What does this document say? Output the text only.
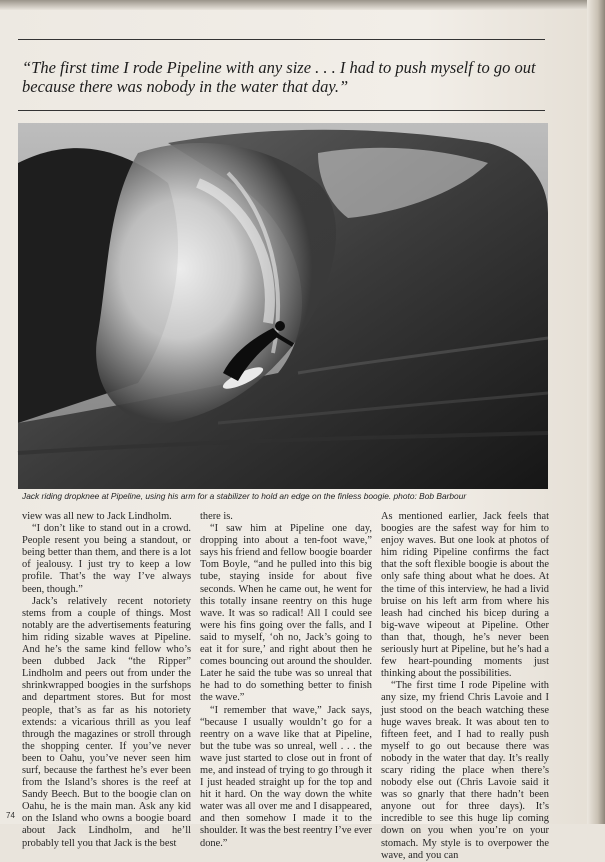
“The first time I rode Pipeline with any size . . . I had to push myself to go out because there was nobody in the water that day.”
Jack riding dropknee at Pipeline, using his arm for a stabilizer to hold an edge on the finless boogie. photo: Bob Barbour

view was all new to Jack Lindholm.

“I don’t like to stand out in a crowd. People resent you being a standout, or being better than them, and there is a lot of jealousy. I just try to keep a low profile. That’s the way I’ve always been, though.”

Jack’s relatively recent notoriety stems from a couple of things. Most notably are the advertisements featuring him riding sizable waves at Pipeline. And he’s the same kind fellow who’s been dubbed Jack “the Ripper” Lindholm and peers out from under the shrinkwrapped boogies in the surfshops and department stores. But for most people, that’s as far as his notoriety extends: a vicarious thrill as you leaf through the magazines or stroll through the shopping center. If you’ve never been to Oahu, you’ve never seen him surf, because the farthest he’s ever been from the Island’s shores is the reef at Sandy Beech. But to the boogie clan on Oahu, he is the main man. Ask any kid on the Island who owns a boogie board about Jack Lindholm, and he’ll probably tell you that Jack is the best

there is.

“I saw him at Pipeline one day, dropping into about a ten-foot wave,” says his friend and fellow boogie boarder Tom Boyle, “and he pulled into this big tube, staying inside for about five seconds. When he came out, he went for this totally insane reentry on this huge wave. It was so radical! All I could see were his fins going over the falls, and I said to myself, ‘oh no, Jack’s going to eat it for sure,’ and right about then he comes bouncing out around the shoulder. Later he said the tube was so unreal that he had to do something better to finish the wave.”

“I remember that wave,” Jack says, “because I usually wouldn’t go for a reentry on a wave like that at Pipeline, but the tube was so unreal, well . . . the wave just started to close out in front of me, and instead of trying to go through it I just headed straight up for the top and hit it hard. On the way down the white water was all over me and I disappeared, and then somehow I made it to the shoulder. It was the best reentry I’ve ever done.”

As mentioned earlier, Jack feels that boogies are the safest way for him to enjoy waves. But one look at photos of him riding Pipeline confirms the fact that the soft flexible boogie is about the only safe thing about what he does. At the time of this interview, he had a livid bruise on his left arm from where his leash had cinched his bicep during a big-wave wipeout at Pipeline. Other than that, though, he’s never been seriously hurt at Pipeline, but he’s had a few heart-pounding moments just thinking about the possibilities.

“The first time I rode Pipeline with any size, my friend Chris Lavoie and I just stood on the beach watching these huge waves break. It was about ten to fifteen feet, and I had to really push myself to go out because there was nobody in the water that day. It’s really scary riding the place when there’s nobody else out (Chris Lavoie said it was so gnarly that there hadn’t been anyone out for three days). It’s incredible to see this huge lip coming down on you when you’re on your stomach. My style is to overpower the wave, and you can

74
